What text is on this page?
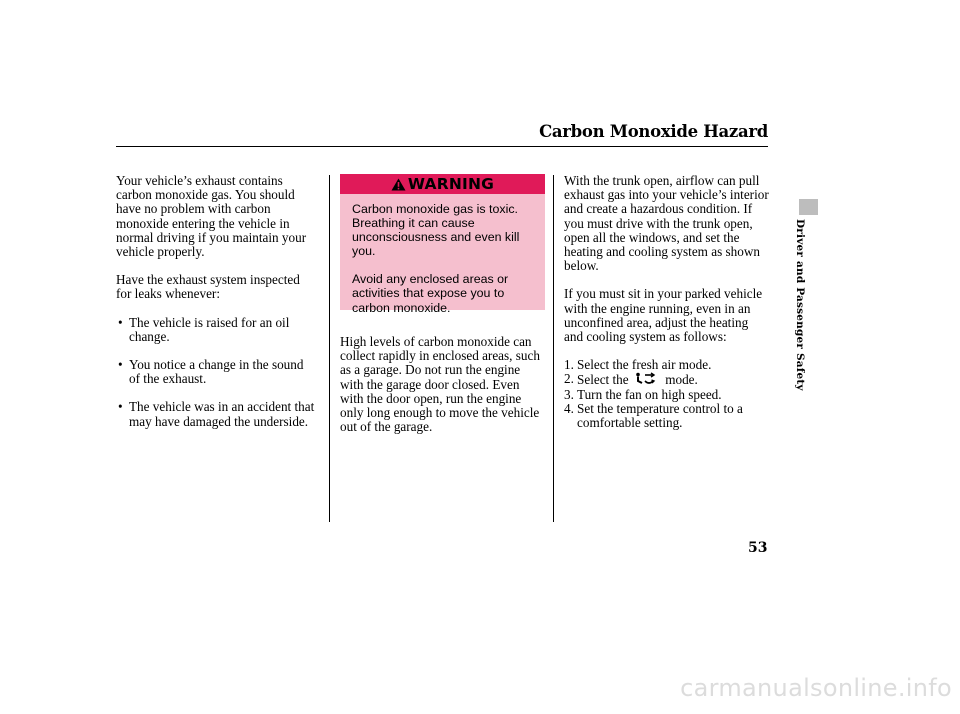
Carbon Monoxide Hazard

Your vehicle’s exhaust contains carbon monoxide gas. You should have no problem with carbon monoxide entering the vehicle in normal driving if you maintain your vehicle properly.

Have the exhaust system inspected for leaks whenever:

• The vehicle is raised for an oil change.
• You notice a change in the sound of the exhaust.
• The vehicle was in an accident that may have damaged the underside.
WARNING

Carbon monoxide gas is toxic. Breathing it can cause unconsciousness and even kill you.

Avoid any enclosed areas or activities that expose you to carbon monoxide.

High levels of carbon monoxide can collect rapidly in enclosed areas, such as a garage. Do not run the engine with the garage door closed. Even with the door open, run the engine only long enough to move the vehicle out of the garage.

With the trunk open, airflow can pull exhaust gas into your vehicle’s interior and create a hazardous condition. If you must drive with the trunk open, open all the windows, and set the heating and cooling system as shown below.

If you must sit in your parked vehicle with the engine running, even in an unconfined area, adjust the heating and cooling system as follows:

1. Select the fresh air mode.
2. Select the	mode.
3. Turn the fan on high speed.
4. Set the temperature control to a comfortable setting.
Driver and Passenger Safety
53
carmanualsonline.info
